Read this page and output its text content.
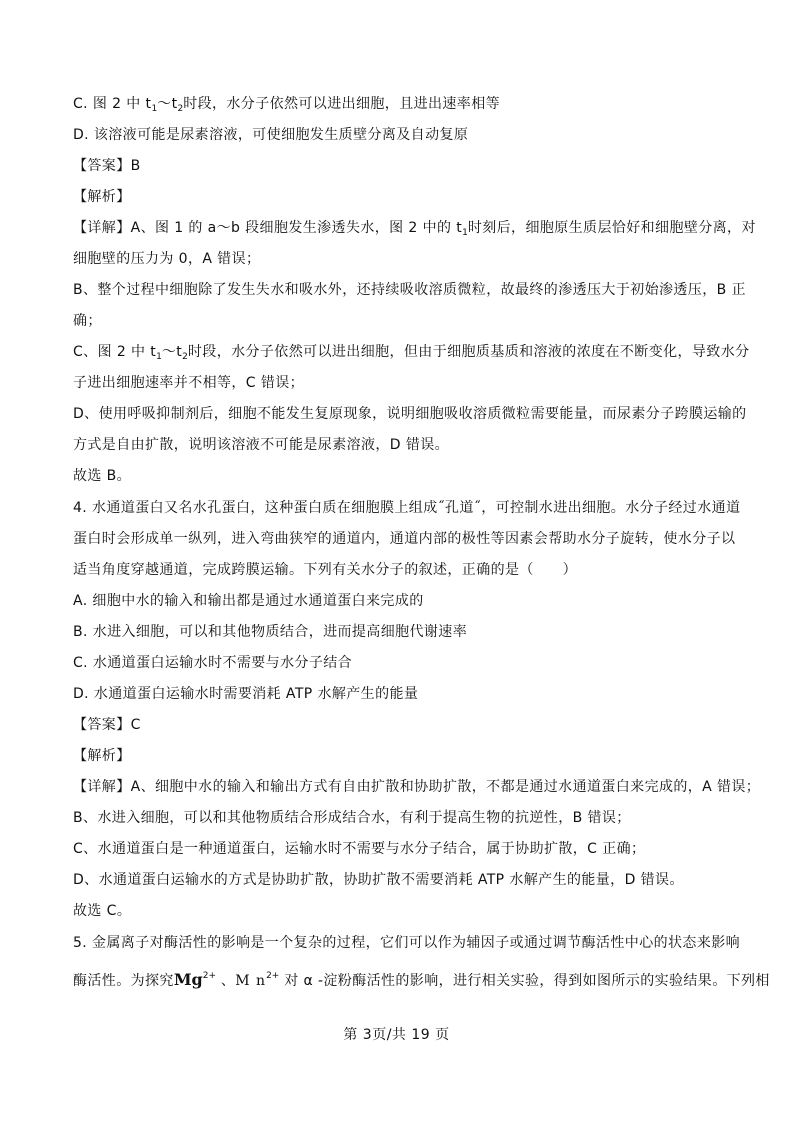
C. 图 2 中 $t_1\sim t_2$时段，水分子依然可以进出细胞，且进出速率相等
D. 该溶液可能是尿素溶液，可使细胞发生质壁分离及自动复原
【答案】B
【解析】
【详解】A、图 1 的 a～b 段细胞发生渗透失水，图 2 中的 $t_1$时刻后，细胞原生质层恰好和细胞壁分离，对
细胞壁的压力为 0，A 错误；
B、整个过程中细胞除了发生失水和吸水外，还持续吸收溶质微粒，故最终的渗透压大于初始渗透压，B 正
确；
C、图 2 中 $t_1\sim t_2$时段，水分子依然可以进出细胞，但由于细胞质基质和溶液的浓度在不断变化，导致水分
子进出细胞速率并不相等，C 错误；
D、使用呼吸抑制剂后，细胞不能发生复原现象，说明细胞吸收溶质微粒需要能量，而尿素分子跨膜运输的
方式是自由扩散，说明该溶液不可能是尿素溶液，D 错误。
故选 B。
4. 水通道蛋白又名水孔蛋白，这种蛋白质在细胞膜上组成˝孔道˝，可控制水进出细胞。水分子经过水通道
蛋白时会形成单一纵列，进入弯曲狭窄的通道内，通道内部的极性等因素会帮助水分子旋转，使水分子以
适当角度穿越通道，完成跨膜运输。下列有关水分子的叙述，正确的是（　　）
A. 细胞中水的输入和输出都是通过水通道蛋白来完成的
B. 水进入细胞，可以和其他物质结合，进而提高细胞代谢速率
C. 水通道蛋白运输水时不需要与水分子结合
D. 水通道蛋白运输水时需要消耗 ATP 水解产生的能量
【答案】C
【解析】
【详解】A、细胞中水的输入和输出方式有自由扩散和协助扩散，不都是通过水通道蛋白来完成的，A 错误；
B、水进入细胞，可以和其他物质结合形成结合水，有利于提高生物的抗逆性，B 错误；
C、水通道蛋白是一种通道蛋白，运输水时不需要与水分子结合，属于协助扩散，C 正确；
D、水通道蛋白运输水的方式是协助扩散，协助扩散不需要消耗 ATP 水解产生的能量，D 错误。
故选 C。
5. 金属离子对酶活性的影响是一个复杂的过程，它们可以作为辅因子或通过调节酶活性中心的状态来影响
酶活性。为探究$Mg^{2+}$ 、M $n^{2+}$ 对 α -淀粉酶活性的影响，进行相关实验，得到如图所示的实验结果。下列相
第 3页/共 19 页
